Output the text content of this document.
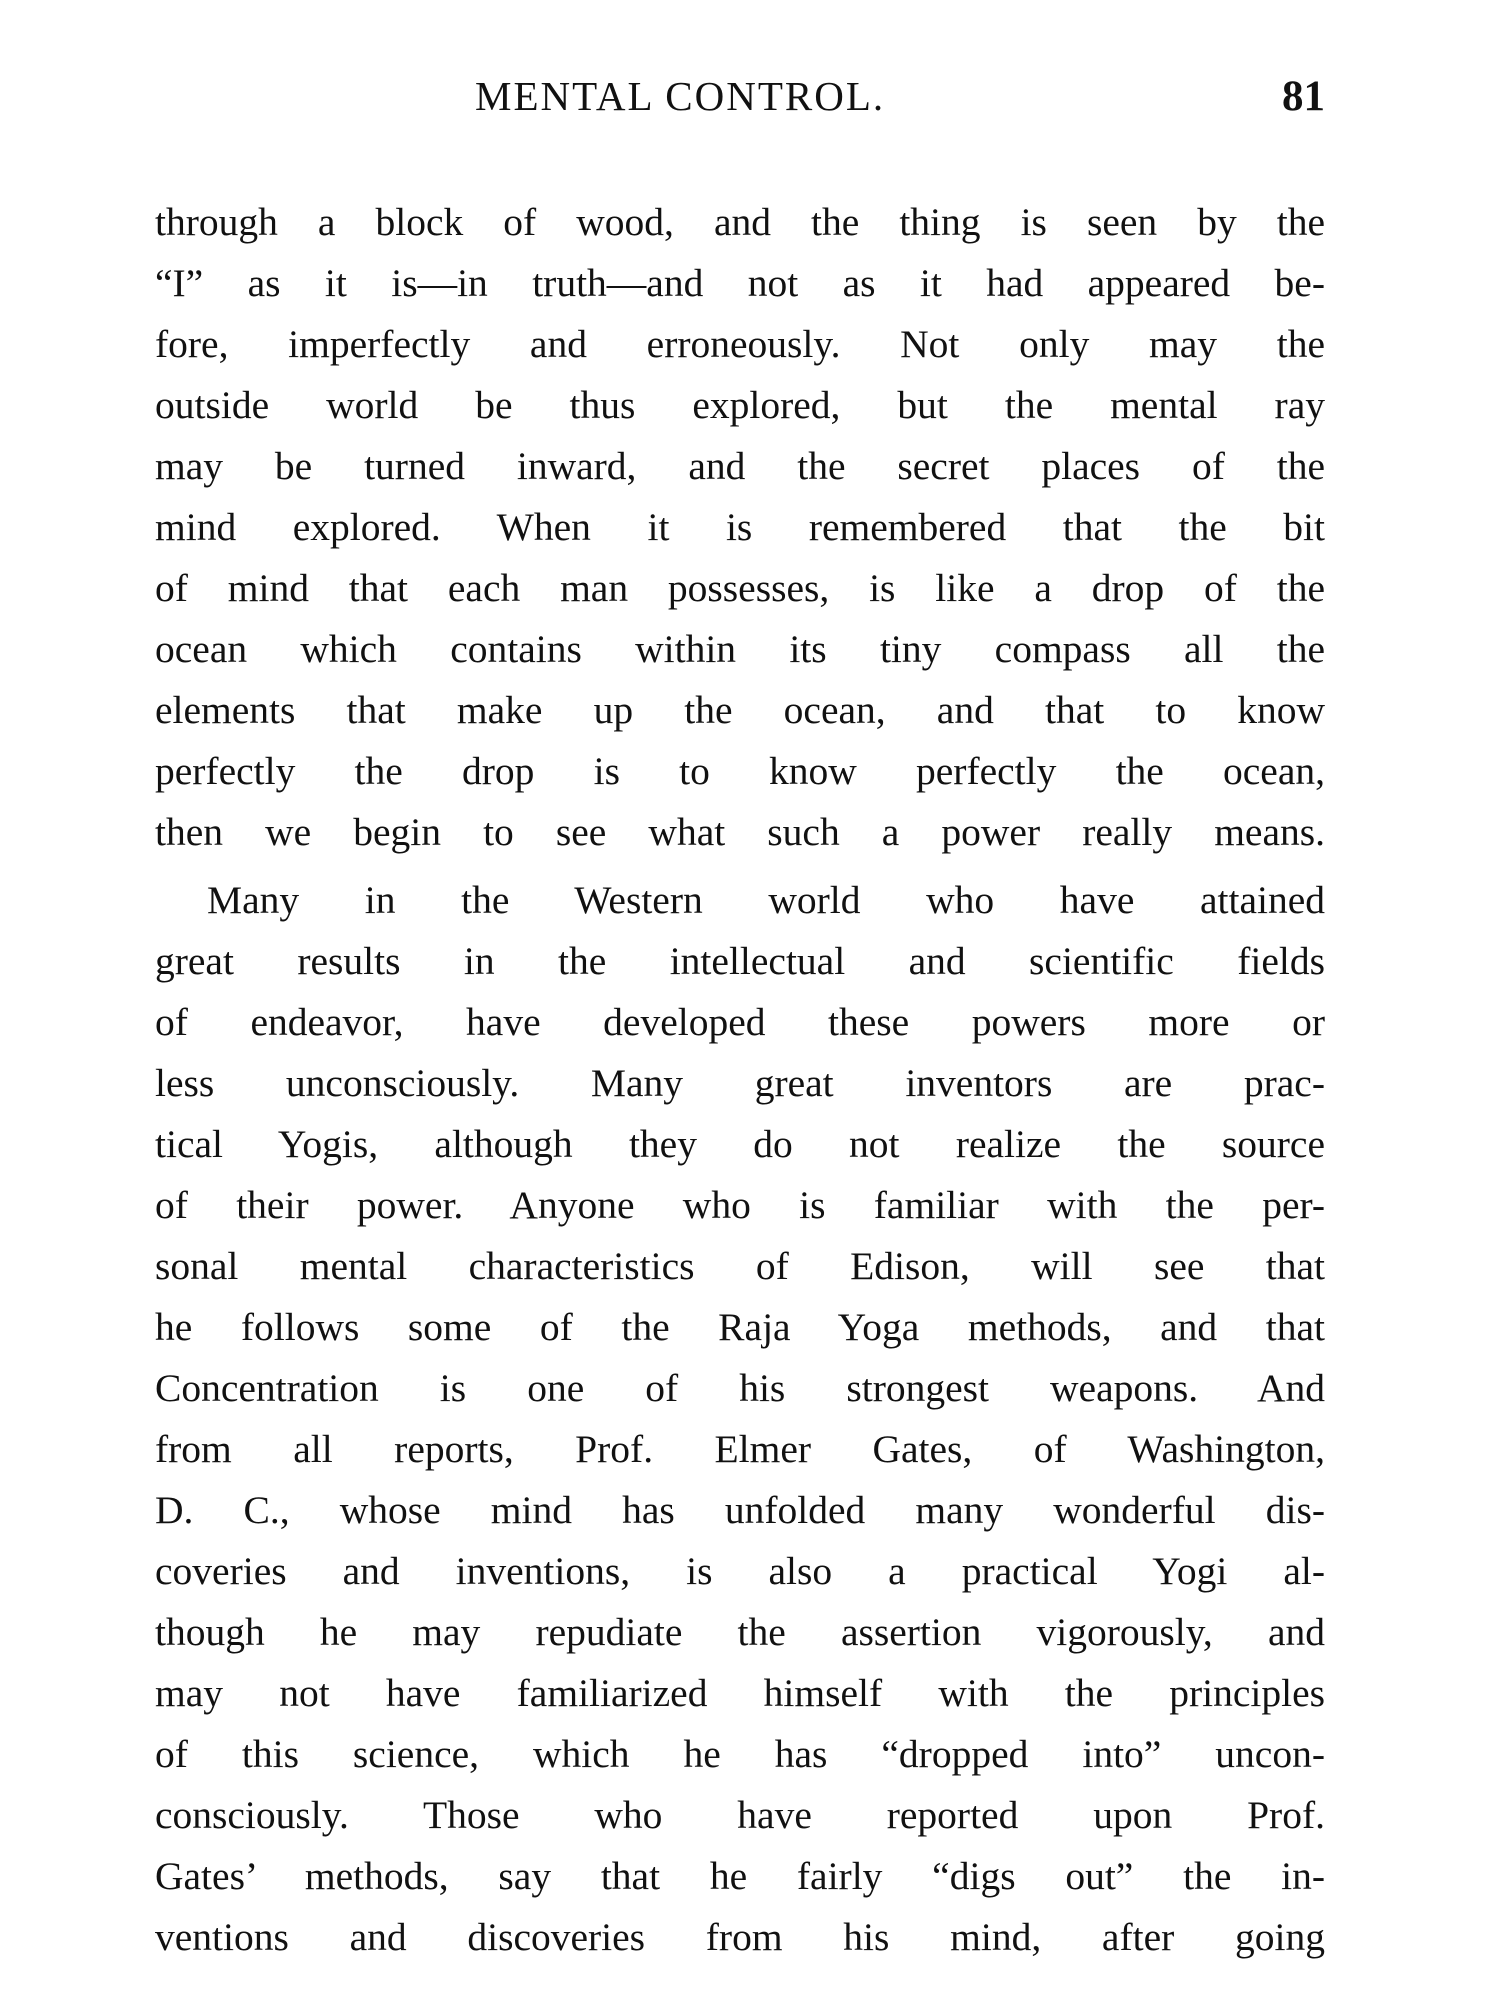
MENTAL CONTROL.	81
through a block of wood, and the thing is seen by the
“I” as it is—in truth—and not as it had appeared be-
fore, imperfectly and erroneously. Not only may the
outside world be thus explored, but the mental ray
may be turned inward, and the secret places of the
mind explored. When it is remembered that the bit
of mind that each man possesses, is like a drop of the
ocean which contains within its tiny compass all the
elements that make up the ocean, and that to know
perfectly the drop is to know perfectly the ocean,
then we begin to see what such a power really means.
Many in the Western world who have attained
great results in the intellectual and scientific fields
of endeavor, have developed these powers more or
less unconsciously. Many great inventors are prac-
tical Yogis, although they do not realize the source
of their power. Anyone who is familiar with the per-
sonal mental characteristics of Edison, will see that
he follows some of the Raja Yoga methods, and that
Concentration is one of his strongest weapons. And
from all reports, Prof. Elmer Gates, of Washington,
D. C., whose mind has unfolded many wonderful dis-
coveries and inventions, is also a practical Yogi al-
though he may repudiate the assertion vigorously, and
may not have familiarized himself with the principles
of this science, which he has “dropped into” uncon-
consciously. Those who have reported upon Prof.
Gates’ methods, say that he fairly “digs out” the in-
ventions and discoveries from his mind, after going
